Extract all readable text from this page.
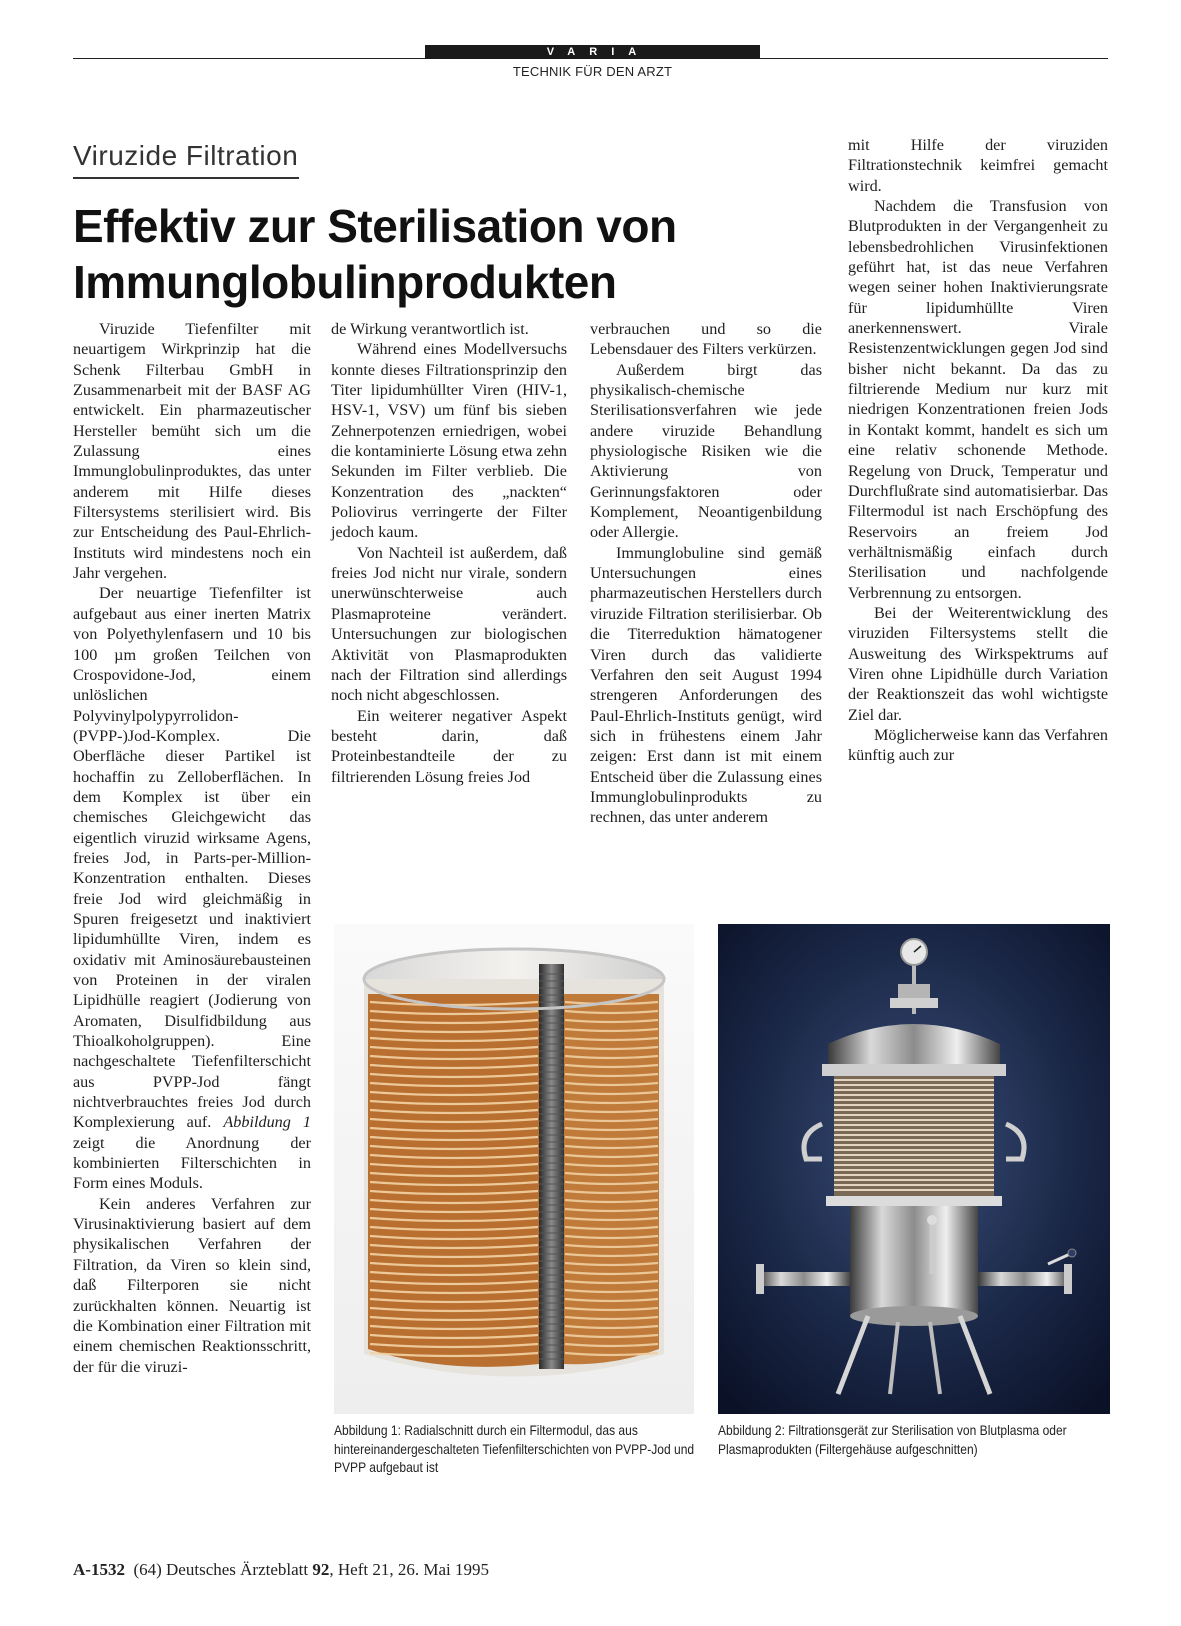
VARIA
TECHNIK FÜR DEN ARZT
Viruzide Filtration
Effektiv zur Sterilisation von Immunglobulinprodukten

Viruzide Tiefenfilter mit neuartigem Wirkprinzip hat die Schenk Filterbau GmbH in Zusammenarbeit mit der BASF AG entwickelt. Ein pharmazeutischer Hersteller bemüht sich um die Zulassung eines Immunglobulinproduktes, das unter anderem mit Hilfe dieses Filtersystems sterilisiert wird. Bis zur Entscheidung des Paul-Ehrlich-Instituts wird mindestens noch ein Jahr vergehen.

Der neuartige Tiefenfilter ist aufgebaut aus einer inerten Matrix von Polyethylenfasern und 10 bis 100 µm großen Teilchen von Crospovidone-Jod, einem unlöslichen Polyvinylpolypyrrolidon-(PVPP-)Jod-Komplex. Die Oberfläche dieser Partikel ist hochaffin zu Zelloberflächen. In dem Komplex ist über ein chemisches Gleichgewicht das eigentlich viruzid wirksame Agens, freies Jod, in Parts-per-Million-Konzentration enthalten. Dieses freie Jod wird gleichmäßig in Spuren freigesetzt und inaktiviert lipidumhüllte Viren, indem es oxidativ mit Aminosäurebausteinen von Proteinen in der viralen Lipidhülle reagiert (Jodierung von Aromaten, Disulfidbildung aus Thioalkoholgruppen). Eine nachgeschaltete Tiefenfilterschicht aus PVPP-Jod fängt nichtverbrauchtes freies Jod durch Komplexierung auf. Abbildung 1 zeigt die Anordnung der kombinierten Filterschichten in Form eines Moduls.

Kein anderes Verfahren zur Virusinaktivierung basiert auf dem physikalischen Verfahren der Filtration, da Viren so klein sind, daß Filterporen sie nicht zurückhalten können. Neuartig ist die Kombination einer Filtration mit einem chemischen Reaktionsschritt, der für die viruzi-

de Wirkung verantwortlich ist.

Während eines Modellversuchs konnte dieses Filtrationsprinzip den Titer lipidumhüllter Viren (HIV-1, HSV-1, VSV) um fünf bis sieben Zehnerpotenzen erniedrigen, wobei die kontaminierte Lösung etwa zehn Sekunden im Filter verblieb. Die Konzentration des „nackten“ Poliovirus verringerte der Filter jedoch kaum.

Von Nachteil ist außerdem, daß freies Jod nicht nur virale, sondern unerwünschterweise auch Plasmaproteine verändert. Untersuchungen zur biologischen Aktivität von Plasmaprodukten nach der Filtration sind allerdings noch nicht abgeschlossen.

Ein weiterer negativer Aspekt besteht darin, daß Proteinbestandteile der zu filtrierenden Lösung freies Jod

verbrauchen und so die Lebensdauer des Filters verkürzen.

Außerdem birgt das physikalisch-chemische Sterilisationsverfahren wie jede andere viruzide Behandlung physiologische Risiken wie die Aktivierung von Gerinnungsfaktoren oder Komplement, Neoantigenbildung oder Allergie.

Immunglobuline sind gemäß Untersuchungen eines pharmazeutischen Herstellers durch viruzide Filtration sterilisierbar. Ob die Titerreduktion hämatogener Viren durch das validierte Verfahren den seit August 1994 strengeren Anforderungen des Paul-Ehrlich-Instituts genügt, wird sich in frühestens einem Jahr zeigen: Erst dann ist mit einem Entscheid über die Zulassung eines Immunglobulinprodukts zu rechnen, das unter anderem

mit Hilfe der viruziden Filtrationstechnik keimfrei gemacht wird.

Nachdem die Transfusion von Blutprodukten in der Vergangenheit zu lebensbedrohlichen Virusinfektionen geführt hat, ist das neue Verfahren wegen seiner hohen Inaktivierungsrate für lipidumhüllte Viren anerkennenswert. Virale Resistenzentwicklungen gegen Jod sind bisher nicht bekannt. Da das zu filtrierende Medium nur kurz mit niedrigen Konzentrationen freien Jods in Kontakt kommt, handelt es sich um eine relativ schonende Methode. Regelung von Druck, Temperatur und Durchflußrate sind automatisierbar. Das Filtermodul ist nach Erschöpfung des Reservoirs an freiem Jod verhältnismäßig einfach durch Sterilisation und nachfolgende Verbrennung zu entsorgen.

Bei der Weiterentwicklung des viruziden Filtersystems stellt die Ausweitung des Wirkspektrums auf Viren ohne Lipidhülle durch Variation der Reaktionszeit das wohl wichtigste Ziel dar.

Möglicherweise kann das Verfahren künftig auch zur

Abbildung 1: Radialschnitt durch ein Filtermodul, das aus hintereinandergeschalteten Tiefenfilterschichten von PVPP-Jod und PVPP aufgebaut ist
Abbildung 2: Filtrationsgerät zur Sterilisation von Blutplasma oder Plasmaprodukten (Filtergehäuse aufgeschnitten)
A-1532 (64) Deutsches Ärzteblatt 92, Heft 21, 26. Mai 1995
